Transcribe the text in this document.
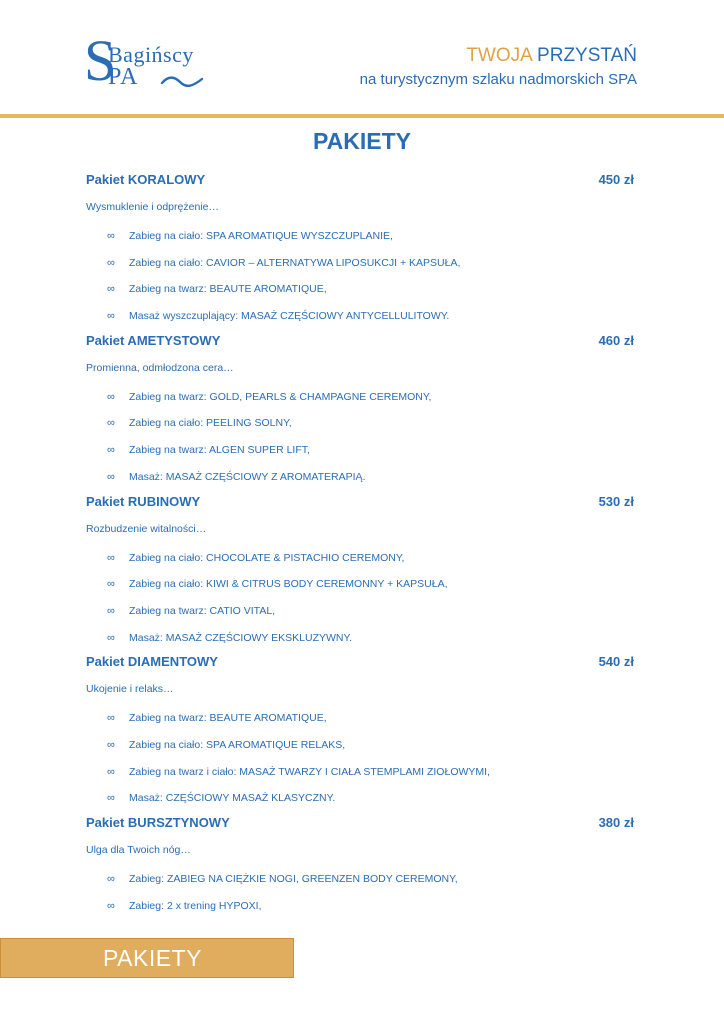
S
Bagińscy
PA
TWOJA PRZYSTAŃ
na turystycznym szlaku nadmorskich SPA
PAKIETY
Pakiet KORALOWY	450 zł
Wysmuklenie i odprężenie…
∞ Zabieg na ciało: SPA AROMATIQUE WYSZCZUPLANIE,
∞ Zabieg na ciało: CAVIOR – ALTERNATYWA LIPOSUKCJI + KAPSUŁA,
∞ Zabieg na twarz: BEAUTE AROMATIQUE,
∞ Masaż wyszczuplający: MASAŻ CZĘŚCIOWY ANTYCELLULITOWY.
Pakiet AMETYSTOWY	460 zł
Promienna, odmłodzona cera…
∞ Zabieg na twarz: GOLD, PEARLS & CHAMPAGNE CEREMONY,
∞ Zabieg na ciało: PEELING SOLNY,
∞ Zabieg na twarz: ALGEN SUPER LIFT,
∞ Masaż: MASAŻ CZĘŚCIOWY Z AROMATERAPIĄ.
Pakiet RUBINOWY	530 zł
Rozbudzenie witalności…
∞ Zabieg na ciało: CHOCOLATE & PISTACHIO CEREMONY,
∞ Zabieg na ciało: KIWI & CITRUS BODY CEREMONNY + KAPSUŁA,
∞ Zabieg na twarz: CATIO VITAL,
∞ Masaż: MASAŻ CZĘŚCIOWY EKSKLUZYWNY.
Pakiet DIAMENTOWY	540 zł
Ukojenie i relaks…
∞ Zabieg na twarz: BEAUTE AROMATIQUE,
∞ Zabieg na ciało: SPA AROMATIQUE RELAKS,
∞ Zabieg na twarz i ciało: MASAŻ TWARZY I CIAŁA STEMPLAMI ZIOŁOWYMI,
∞ Masaż: CZĘŚCIOWY MASAŻ KLASYCZNY.
Pakiet BURSZTYNOWY	380 zł
Ulga dla Twoich nóg…
∞ Zabieg: ZABIEG NA CIĘŻKIE NOGI, GREENZEN BODY CEREMONY,
∞ Zabieg: 2 x trening HYPOXI,
PAKIETY
